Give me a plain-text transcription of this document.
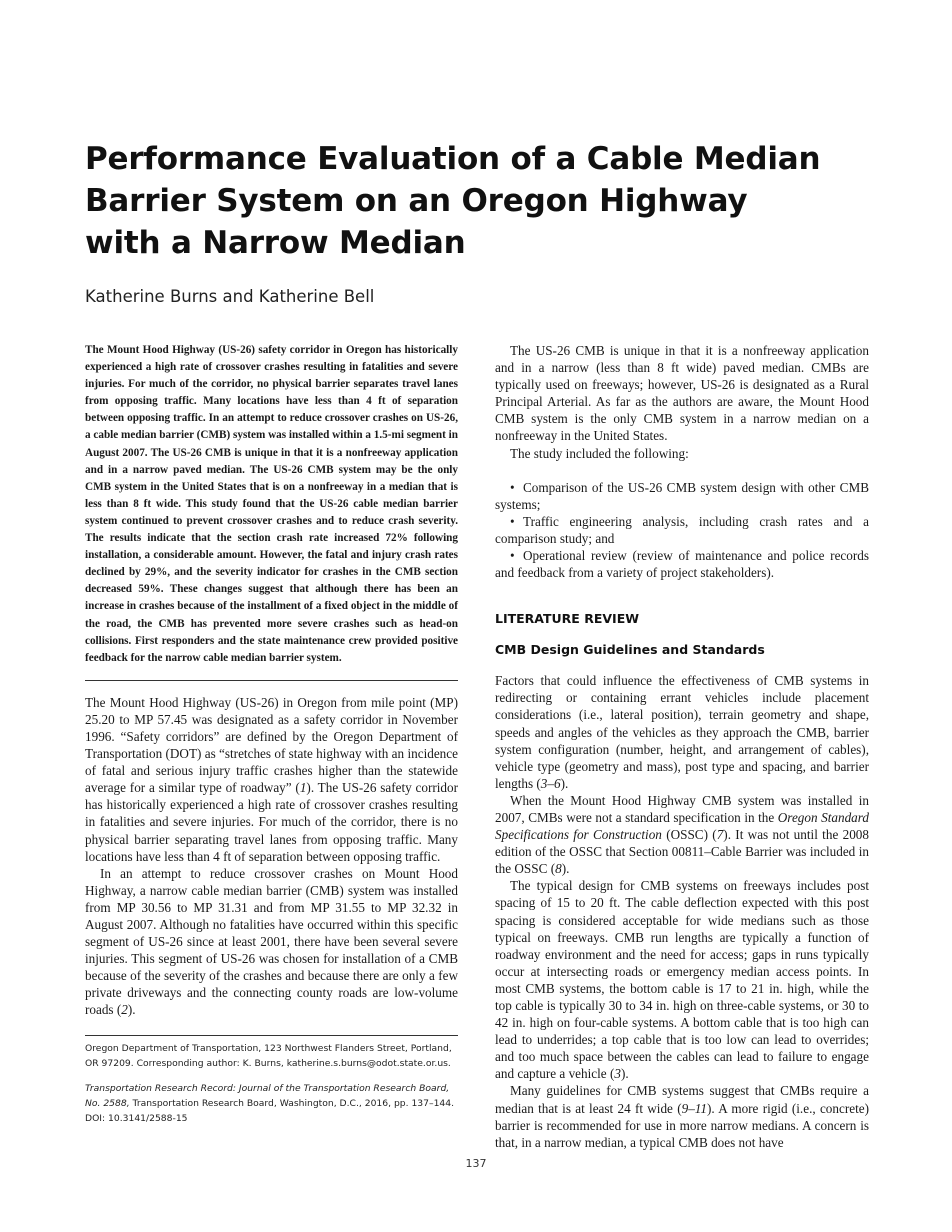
Performance Evaluation of a Cable Median
Barrier System on an Oregon Highway
with a Narrow Median
Katherine Burns and Katherine Bell

The Mount Hood Highway (US-26) safety corridor in Oregon has historically experienced a high rate of crossover crashes resulting in fatalities and severe injuries. For much of the corridor, no physical barrier separates travel lanes from opposing traffic. Many locations have less than 4 ft of separation between opposing traffic. In an attempt to reduce crossover crashes on US-26, a cable median barrier (CMB) system was installed within a 1.5-mi segment in August 2007. The US-26 CMB is unique in that it is a nonfreeway application and in a narrow paved median. The US-26 CMB system may be the only CMB system in the United States that is on a nonfreeway in a median that is less than 8 ft wide. This study found that the US-26 cable median barrier system continued to prevent crossover crashes and to reduce crash severity. The results indicate that the section crash rate increased 72% following installation, a considerable amount. However, the fatal and injury crash rates declined by 29%, and the severity indicator for crashes in the CMB section decreased 59%. These changes suggest that although there has been an increase in crashes because of the installment of a fixed object in the middle of the road, the CMB has prevented more severe crashes such as head-on collisions. First responders and the state maintenance crew provided positive feedback for the narrow cable median barrier system.

The Mount Hood Highway (US-26) in Oregon from mile point (MP) 25.20 to MP 57.45 was designated as a safety corridor in November 1996. “Safety corridors” are defined by the Oregon Department of Transportation (DOT) as “stretches of state highway with an incidence of fatal and serious injury traffic crashes higher than the statewide average for a similar type of roadway” (1). The US-26 safety corridor has historically experienced a high rate of crossover crashes resulting in fatalities and severe injuries. For much of the corridor, there is no physical barrier separating travel lanes from opposing traffic. Many locations have less than 4 ft of separation between opposing traffic.

In an attempt to reduce crossover crashes on Mount Hood Highway, a narrow cable median barrier (CMB) system was installed from MP 30.56 to MP 31.31 and from MP 31.55 to MP 32.32 in August 2007. Although no fatalities have occurred within this specific segment of US-26 since at least 2001, there have been several severe injuries. This segment of US-26 was chosen for installation of a CMB because of the severity of the crashes and because there are only a few private driveways and the connecting county roads are low-volume roads (2).

Oregon Department of Transportation, 123 Northwest Flanders Street, Portland, OR 97209. Corresponding author: K. Burns, katherine.s.burns@odot.state.or.us.

Transportation Research Record: Journal of the Transportation Research Board, No. 2588, Transportation Research Board, Washington, D.C., 2016, pp. 137–144.
DOI: 10.3141/2588-15

The US-26 CMB is unique in that it is a nonfreeway application and in a narrow (less than 8 ft wide) paved median. CMBs are typically used on freeways; however, US-26 is designated as a Rural Principal Arterial. As far as the authors are aware, the Mount Hood CMB system is the only CMB system in a narrow median on a nonfreeway in the United States.

The study included the following:

• Comparison of the US-26 CMB system design with other CMB systems;

• Traffic engineering analysis, including crash rates and a comparison study; and

• Operational review (review of maintenance and police records and feedback from a variety of project stakeholders).

LITERATURE REVIEW
CMB Design Guidelines and Standards

Factors that could influence the effectiveness of CMB systems in redirecting or containing errant vehicles include placement considerations (i.e., lateral position), terrain geometry and shape, speeds and angles of the vehicles as they approach the CMB, barrier system configuration (number, height, and arrangement of cables), vehicle type (geometry and mass), post type and spacing, and barrier lengths (3–6).

When the Mount Hood Highway CMB system was installed in 2007, CMBs were not a standard specification in the Oregon Standard Specifications for Construction (OSSC) (7). It was not until the 2008 edition of the OSSC that Section 00811–Cable Barrier was included in the OSSC (8).

The typical design for CMB systems on freeways includes post spacing of 15 to 20 ft. The cable deflection expected with this post spacing is considered acceptable for wide medians such as those typical on freeways. CMB run lengths are typically a function of roadway environment and the need for access; gaps in runs typically occur at intersecting roads or emergency median access points. In most CMB systems, the bottom cable is 17 to 21 in. high, while the top cable is typically 30 to 34 in. high on three-cable systems, or 30 to 42 in. high on four-cable systems. A bottom cable that is too high can lead to underrides; a top cable that is too low can lead to overrides; and too much space between the cables can lead to failure to engage and capture a vehicle (3).

Many guidelines for CMB systems suggest that CMBs require a median that is at least 24 ft wide (9–11). A more rigid (i.e., concrete) barrier is recommended for use in more narrow medians. A concern is that, in a narrow median, a typical CMB does not have

137
